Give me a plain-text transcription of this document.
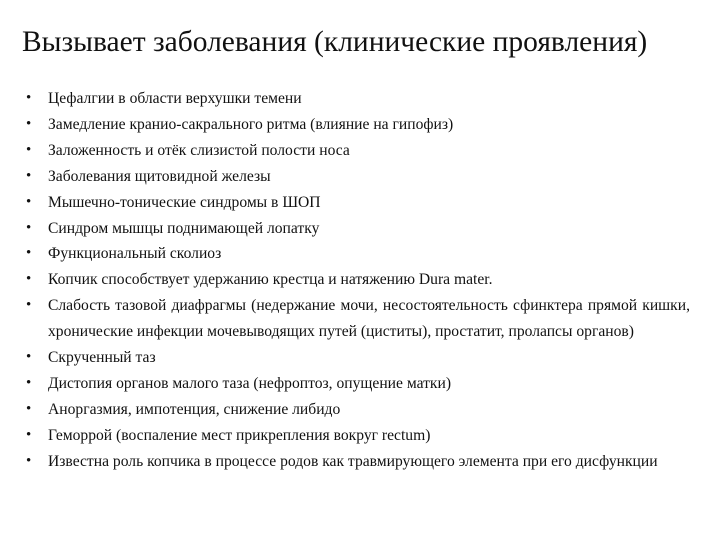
Вызывает заболевания (клинические проявления)
•	Цефалгии в области верхушки темени
•	Замедление кранио-сакрального ритма (влияние на гипофиз)
•	Заложенность и отёк слизистой полости носа
•	Заболевания щитовидной железы
•	Мышечно-тонические синдромы в ШОП
•	Синдром мышцы поднимающей лопатку
•	Функциональный сколиоз
•	Копчик способствует удержанию крестца и натяжению Dura mater.
•	Слабость тазовой диафрагмы (недержание мочи, несостоятельность сфинктера прямой кишки, хронические инфекции мочевыводящих путей (циститы), простатит, пролапсы органов)
•	Скрученный таз
•	Дистопия органов малого таза (нефроптоз, опущение матки)
•	Аноргазмия, импотенция, снижение либидо
•	Геморрой (воспаление мест прикрепления вокруг rectum)
•	Известна роль копчика в процессе родов как травмирующего элемента при его дисфункции
